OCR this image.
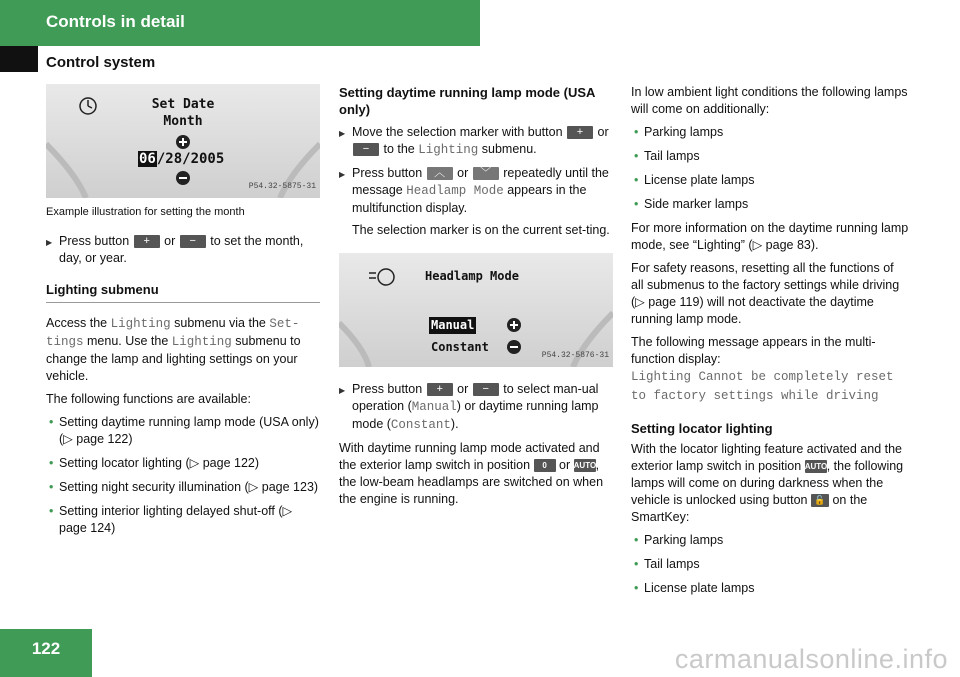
Controls in detail
Control system
Set Date
Month
06/28/2005
P54.32-5875-31
Example illustration for setting the month
▶ Press button + or − to set the month, day, or year.
Lighting submenu

Access the Lighting submenu via the Set-tings menu. Use the Lighting submenu to change the lamp and lighting settings on your vehicle.

The following functions are available:

• Setting daytime running lamp mode (USA only) (▷ page 122)
• Setting locator lighting (▷ page 122)
• Setting night security illumination (▷ page 123)
• Setting interior lighting delayed shut-off (▷ page 124)

Setting daytime running lamp mode (USA only)

▶ Move the selection marker with button + or − to the Lighting submenu.
▶ Press button ︿ or ﹀ repeatedly until the message Headlamp Mode appears in the multifunction display.
The selection marker is on the current set-ting.
Headlamp Mode
Manual
Constant
P54.32-5876-31
▶ Press button + or − to select man-ual operation (Manual) or daytime running lamp mode (Constant).

With daytime running lamp mode activated and the exterior lamp switch in position 0 or AUTO, the low-beam headlamps are switched on when the engine is running.

In low ambient light conditions the following lamps will come on additionally:

• Parking lamps
• Tail lamps
• License plate lamps
• Side marker lamps

For more information on the daytime running lamp mode, see “Lighting” (▷ page 83).

For safety reasons, resetting all the functions of all submenus to the factory settings while driving (▷ page 119) will not deactivate the daytime running lamp mode.

The following message appears in the multi-function display:

Lighting Cannot be completely reset to factory settings while driving

Setting locator lighting

With the locator lighting feature activated and the exterior lamp switch in position AUTO, the following lamps will come on during darkness when the vehicle is unlocked using button 🔓 on the SmartKey:

• Parking lamps
• Tail lamps
• License plate lamps
122	carmanualsonline.info
